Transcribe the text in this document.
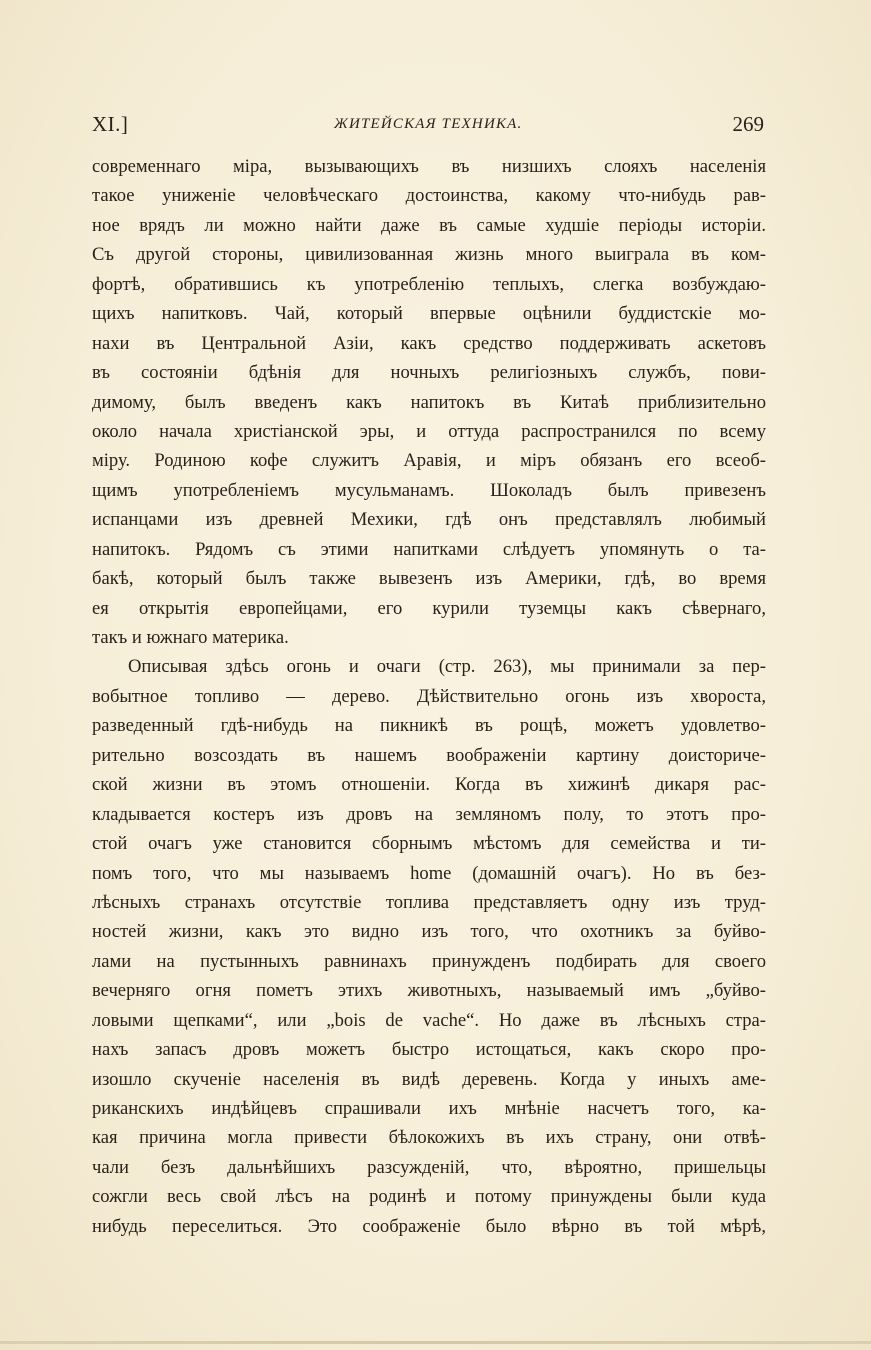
XI.]	ЖИТЕЙСКАЯ ТЕХНИКА.	269
современнаго міра, вызывающихъ въ низшихъ слояхъ населенія
такое униженіе человѣческаго достоинства, какому что-нибудь рав-
ное врядъ ли можно найти даже въ самые худшіе періоды исторіи.
Съ другой стороны, цивилизованная жизнь много выиграла въ ком-
фортѣ, обратившись къ употребленію теплыхъ, слегка возбуждаю-
щихъ напитковъ. Чай, который впервые оцѣнили буддистскіе мо-
нахи въ Центральной Азіи, какъ средство поддерживать аскетовъ
въ состояніи бдѣнія для ночныхъ религіозныхъ службъ, пови-
димому, былъ введенъ какъ напитокъ въ Китаѣ приблизительно
около начала христіанской эры, и оттуда распространился по всему
міру. Родиною кофе служитъ Аравія, и міръ обязанъ его всеоб-
щимъ употребленіемъ мусульманамъ. Шоколадъ былъ привезенъ
испанцами изъ древней Мехики, гдѣ онъ представлялъ любимый
напитокъ. Рядомъ съ этими напитками слѣдуетъ упомянуть о та-
бакѣ, который былъ также вывезенъ изъ Америки, гдѣ, во время
ея открытія европейцами, его курили туземцы какъ сѣвернаго,
такъ и южнаго материка.
Описывая здѣсь огонь и очаги (стр. 263), мы принимали за пер-
вобытное топливо — дерево. Дѣйствительно огонь изъ хвороста,
разведенный гдѣ-нибудь на пикникѣ въ рощѣ, можетъ удовлетво-
рительно возсоздать въ нашемъ воображеніи картину доисториче-
ской жизни въ этомъ отношеніи. Когда въ хижинѣ дикаря рас-
кладывается костеръ изъ дровъ на земляномъ полу, то этотъ про-
стой очагъ уже становится сборнымъ мѣстомъ для семейства и ти-
помъ того, что мы называемъ home (домашній очагъ). Но въ без-
лѣсныхъ странахъ отсутствіе топлива представляетъ одну изъ труд-
ностей жизни, какъ это видно изъ того, что охотникъ за буйво-
лами на пустынныхъ равнинахъ принужденъ подбирать для своего
вечерняго огня пометъ этихъ животныхъ, называемый имъ „буйво-
ловыми щепками“, или „bois de vache“. Но даже въ лѣсныхъ стра-
нахъ запасъ дровъ можетъ быстро истощаться, какъ скоро про-
изошло скученіе населенія въ видѣ деревень. Когда у иныхъ аме-
риканскихъ индѣйцевъ спрашивали ихъ мнѣніе насчетъ того, ка-
кая причина могла привести бѣлокожихъ въ ихъ страну, они отвѣ-
чали безъ дальнѣйшихъ разсужденій, что, вѣроятно, пришельцы
сожгли весь свой лѣсъ на родинѣ и потому принуждены были куда
нибудь переселиться. Это соображеніе было вѣрно въ той мѣрѣ,
